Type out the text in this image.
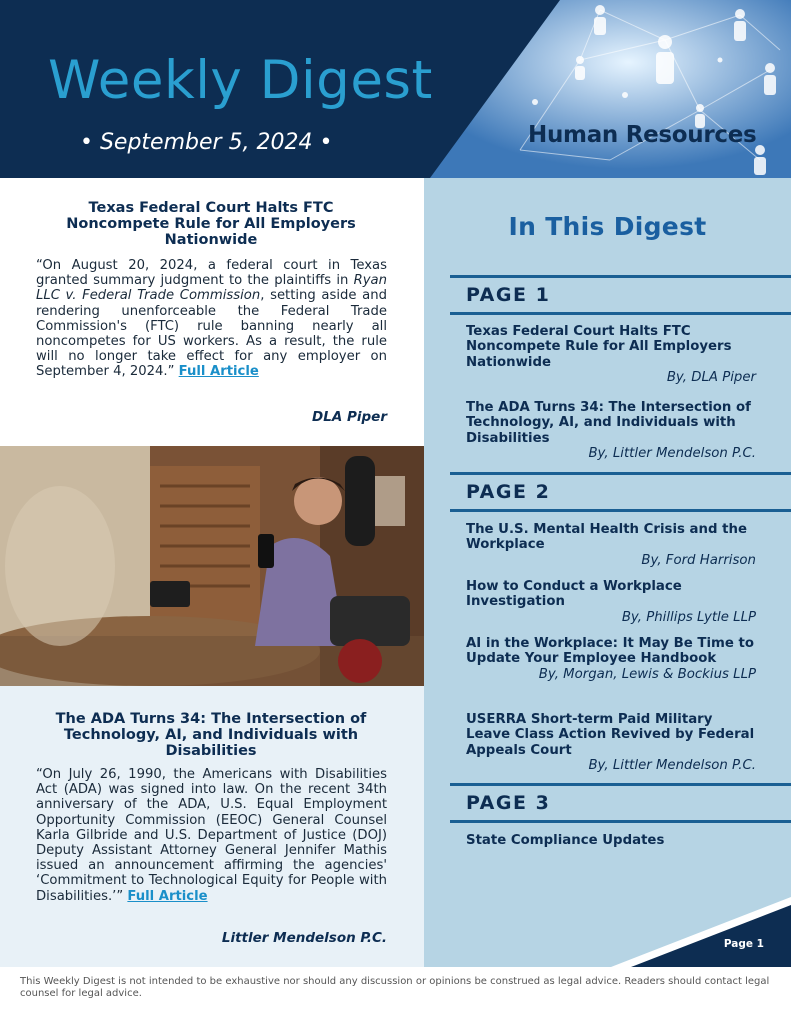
Weekly Digest
• September 5, 2024 •	Human Resources
Texas Federal Court Halts FTC Noncompete Rule for All Employers Nationwide
“On August 20, 2024, a federal court in Texas granted summary judgment to the plaintiffs in Ryan LLC v. Federal Trade Commission, setting aside and rendering unenforceable the Federal Trade Commission's (FTC) rule banning nearly all noncompetes for US workers. As a result, the rule will no longer take effect for any employer on September 4, 2024.” Full Article
DLA Piper
The ADA Turns 34: The Intersection of Technology, AI, and Individuals with Disabilities
“On July 26, 1990, the Americans with Disabilities Act (ADA) was signed into law. On the recent 34th anniversary of the ADA, U.S. Equal Employment Opportunity Commission (EEOC) General Counsel Karla Gilbride and U.S. Department of Justice (DOJ) Deputy Assistant Attorney General Jennifer Mathis issued an announcement affirming the agencies' ‘Commitment to Technological Equity for People with Disabilities.’” Full Article
Littler Mendelson P.C.
In This Digest
PAGE 1
Texas Federal Court Halts FTC Noncompete Rule for All Employers Nationwide
By, DLA Piper
The ADA Turns 34: The Intersection of Technology, AI, and Individuals with Disabilities
By, Littler Mendelson P.C.
PAGE 2
The U.S. Mental Health Crisis and the Workplace
By, Ford Harrison
How to Conduct a Workplace Investigation
By, Phillips Lytle LLP
AI in the Workplace: It May Be Time to Update Your Employee Handbook
By, Morgan, Lewis & Bockius LLP
USERRA Short-term Paid Military Leave Class Action Revived by Federal Appeals Court
By, Littler Mendelson P.C.
PAGE 3
State Compliance Updates
Page 1
This Weekly Digest is not intended to be exhaustive nor should any discussion or opinions be construed as legal advice. Readers should contact legal counsel for legal advice.
